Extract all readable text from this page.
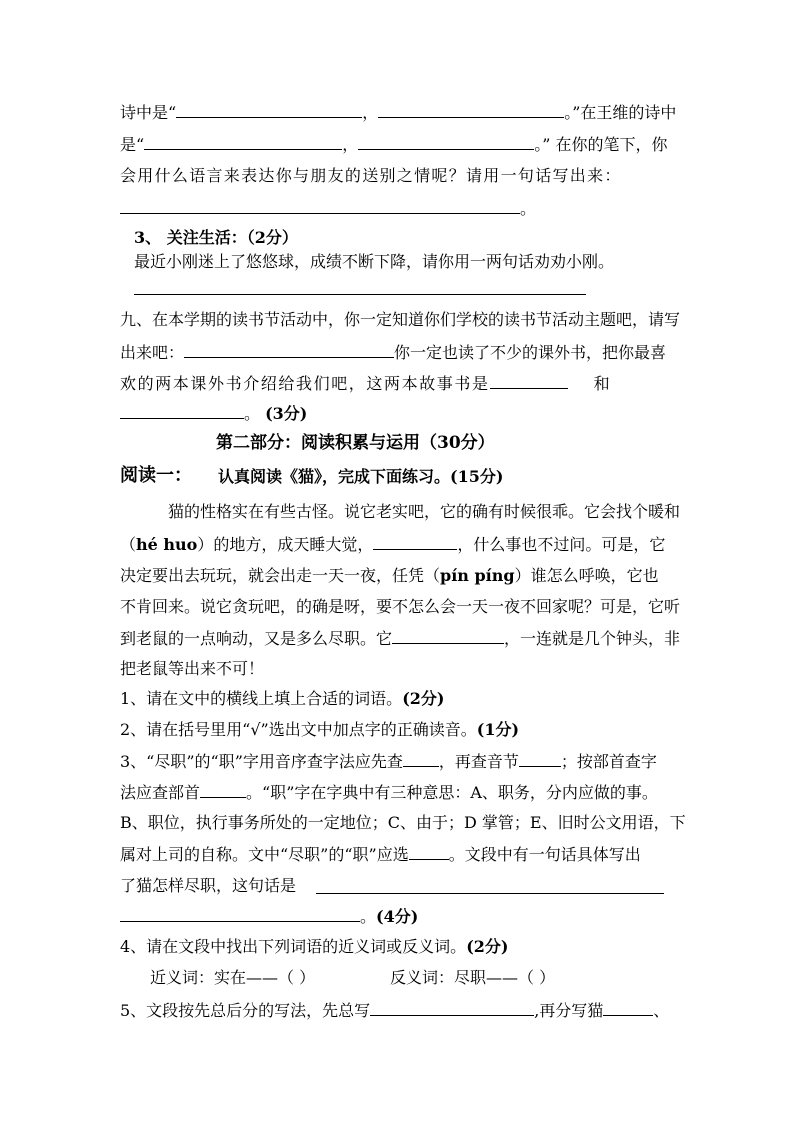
诗中是“	，	。”在王维的诗中
是“	，	。” 在你的笔下，你
会用什么语言来表达你与朋友的送别之情呢？请用一句话写出来：
。
3、 关注生活：（2分）
最近小刚迷上了悠悠球，成绩不断下降，请你用一两句话劝劝小刚。
九、在本学期的读书节活动中，你一定知道你们学校的读书节活动主题吧，请写
出来吧：	你一定也读了不少的课外书，把你最喜
欢的两本课外书介绍给我们吧，这两本故事书是	和
。 (3分)
第二部分：阅读积累与运用（30分）
阅读一： 认真阅读《猫》，完成下面练习。(15分)
猫的性格实在有些古怪。说它老实吧，它的确有时候很乖。它会找个暖和
（hé huo）的地方，成天睡大觉，	，什么事也不过问。可是，它
决定要出去玩玩，就会出走一天一夜，任凭（pín píng）谁怎么呼唤，它也
不肯回来。说它贪玩吧，的确是呀，要不怎么会一天一夜不回家呢？可是，它听
到老鼠的一点响动，又是多么尽职。它	，一连就是几个钟头，非
把老鼠等出来不可！
1、请在文中的横线上填上合适的词语。(2分)
2、请在括号里用“√”选出文中加点字的正确读音。(1分)
3、“尽职”的“职”字用音序查字法应先查 ，再查音节	；按部首查字
法应查部首	。“职”字在字典中有三种意思：A、职务，分内应做的事。
B、职位，执行事务所处的一定地位；C、由于；D 掌管；E、旧时公文用语，下
属对上司的自称。文中“尽职”的“职”应选	。文段中有一句话具体写出
了猫怎样尽职，这句话是
。(4分)
4、请在文段中找出下列词语的近义词或反义词。(2分)
近义词：实在——（ ）	反义词：尽职——（ ）
5、文段按先总后分的写法，先总写	,再分写猫	、
